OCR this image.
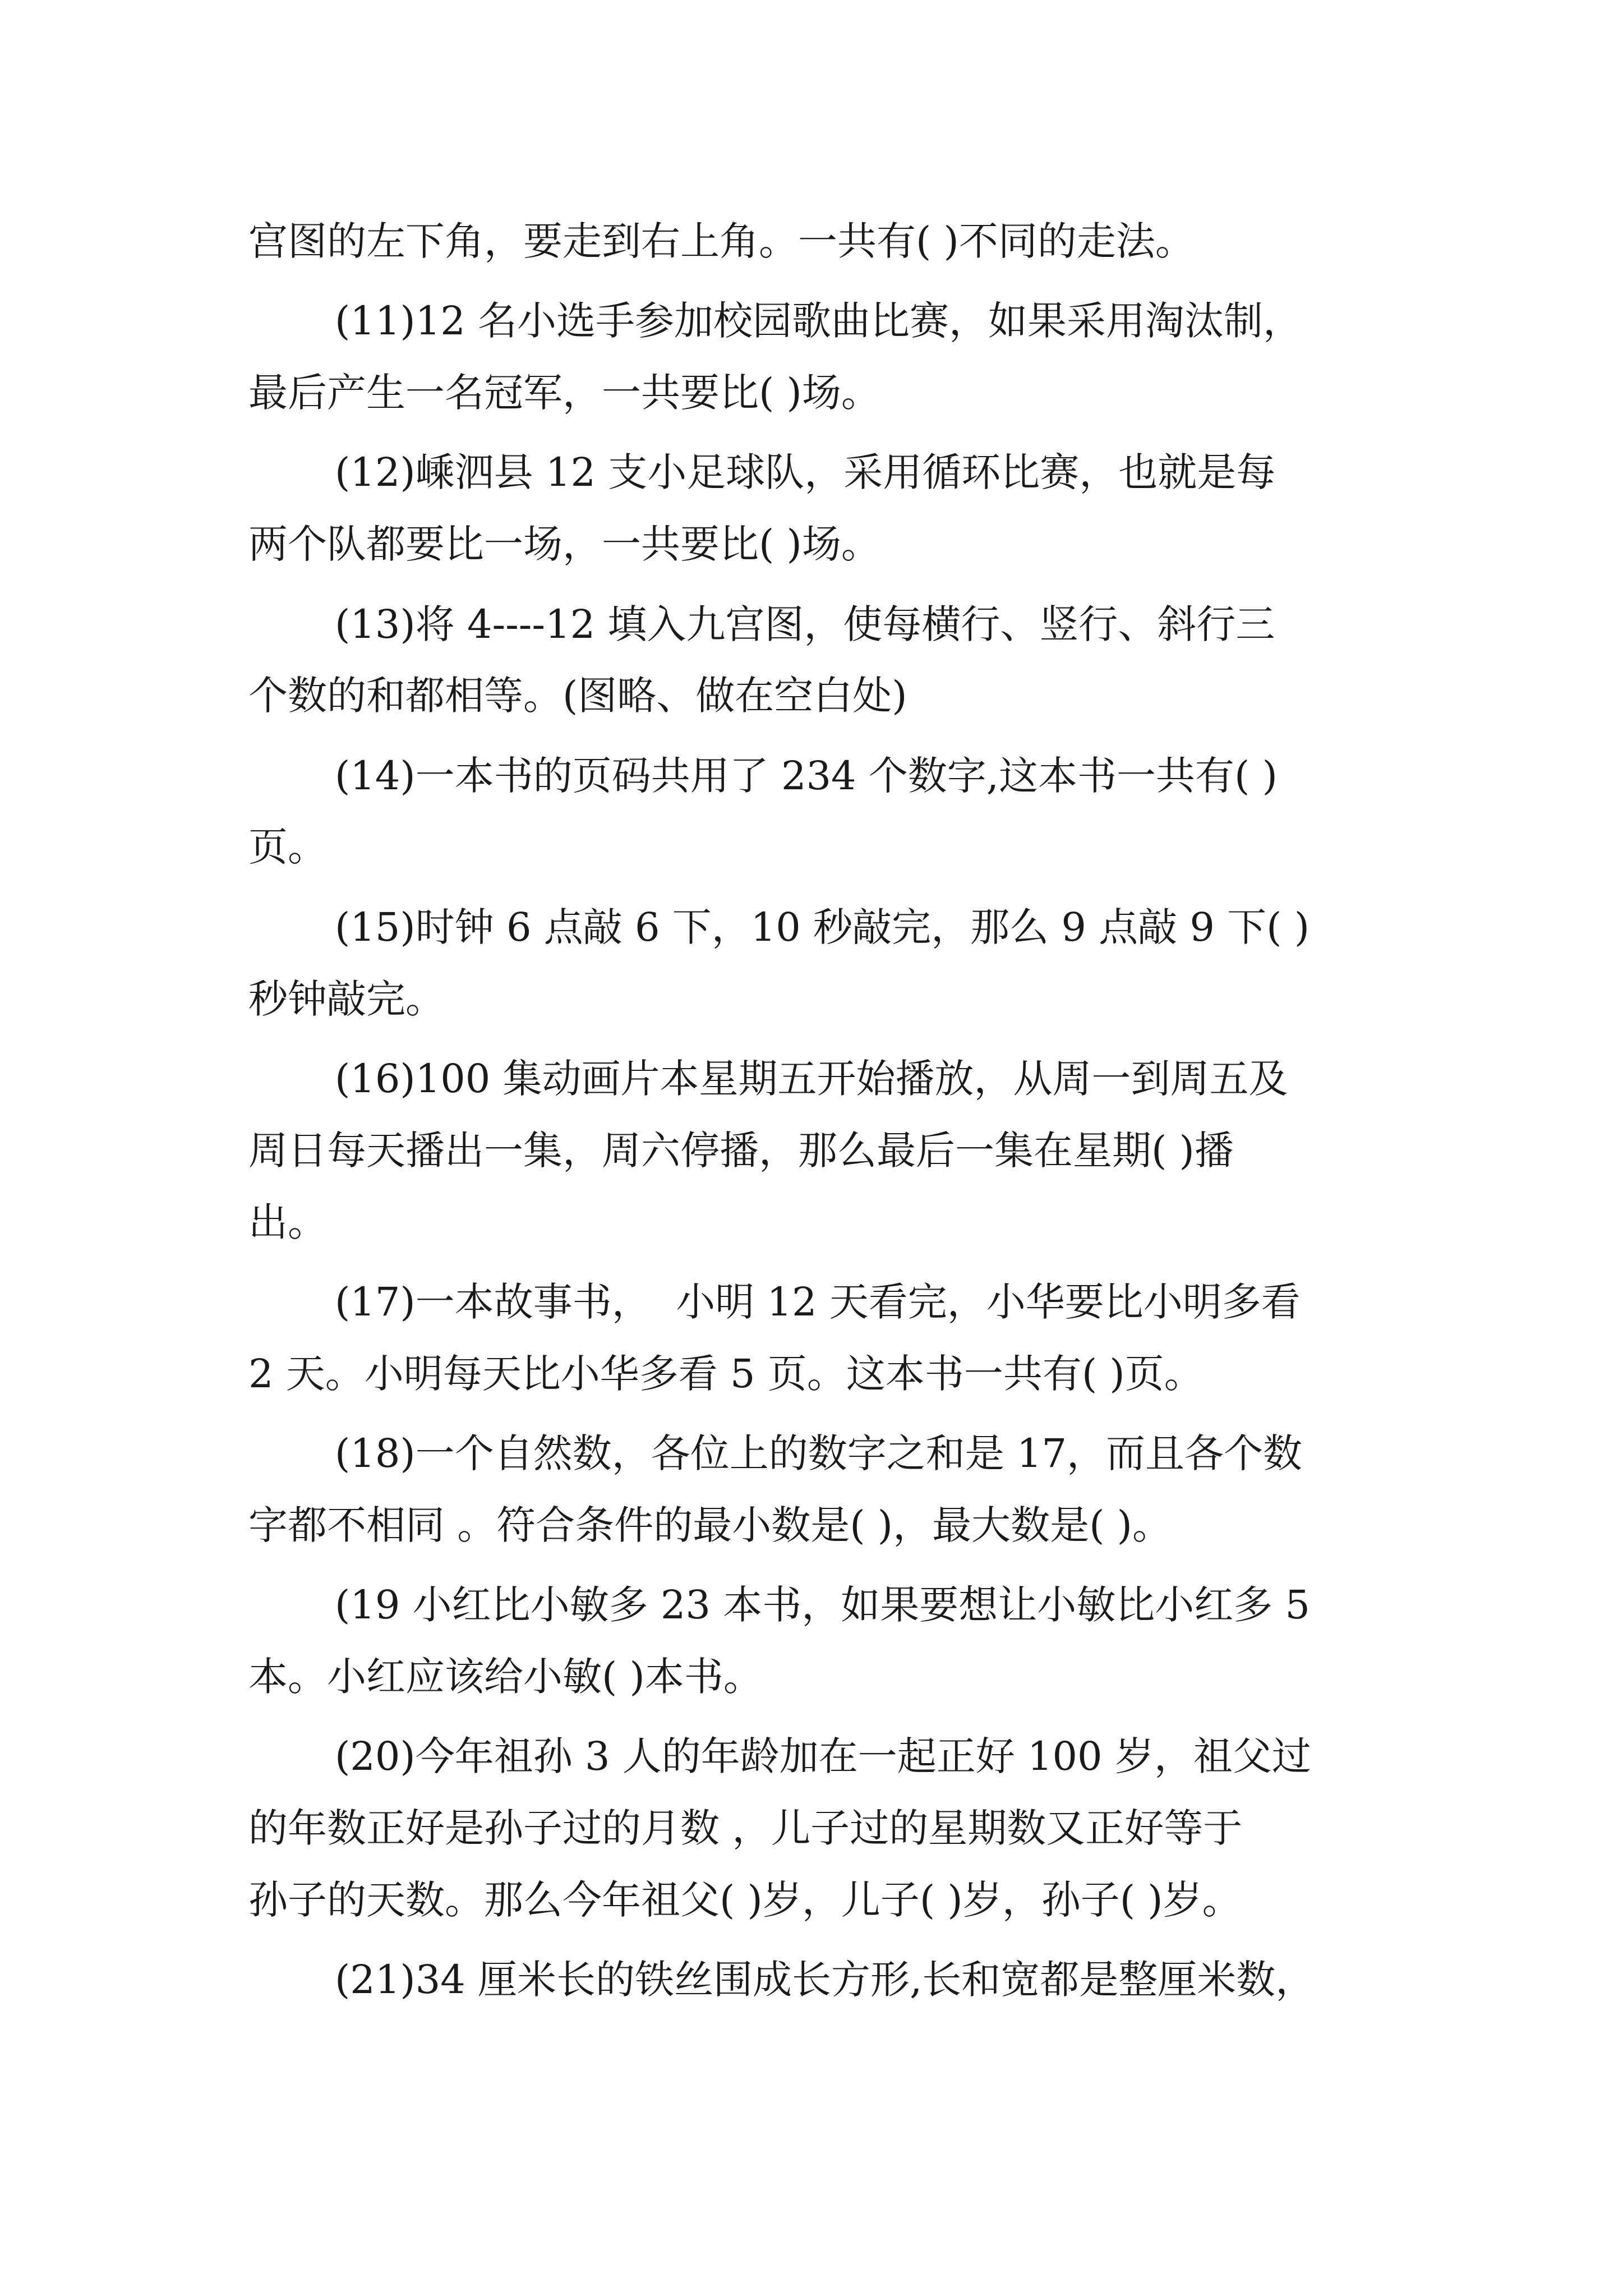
宫图的左下角，要走到右上角。一共有( )不同的走法。
(11)12 名小选手参加校园歌曲比赛，如果采用淘汰制，
最后产生一名冠军，一共要比( )场。
(12)嵊泗县 12 支小足球队，采用循环比赛，也就是每
两个队都要比一场，一共要比( )场。
(13)将 4----12 填入九宫图，使每横行、竖行、斜行三
个数的和都相等。(图略、做在空白处)
(14)一本书的页码共用了 234 个数字,这本书一共有( )
页。
(15)时钟 6 点敲 6 下，10 秒敲完，那么 9 点敲 9 下( )
秒钟敲完。
(16)100 集动画片本星期五开始播放，从周一到周五及
周日每天播出一集，周六停播，那么最后一集在星期( )播
出。
(17)一本故事书，  小明 12 天看完，小华要比小明多看
2 天。小明每天比小华多看 5 页。这本书一共有( )页。
(18)一个自然数，各位上的数字之和是 17，而且各个数
字都不相同 。符合条件的最小数是( )，最大数是( )。
(19 小红比小敏多 23 本书，如果要想让小敏比小红多 5
本。小红应该给小敏( )本书。
(20)今年祖孙 3 人的年龄加在一起正好 100 岁，祖父过
的年数正好是孙子过的月数 ，儿子过的星期数又正好等于
孙子的天数。那么今年祖父( )岁，儿子( )岁，孙子( )岁。
(21)34 厘米长的铁丝围成长方形,长和宽都是整厘米数，
